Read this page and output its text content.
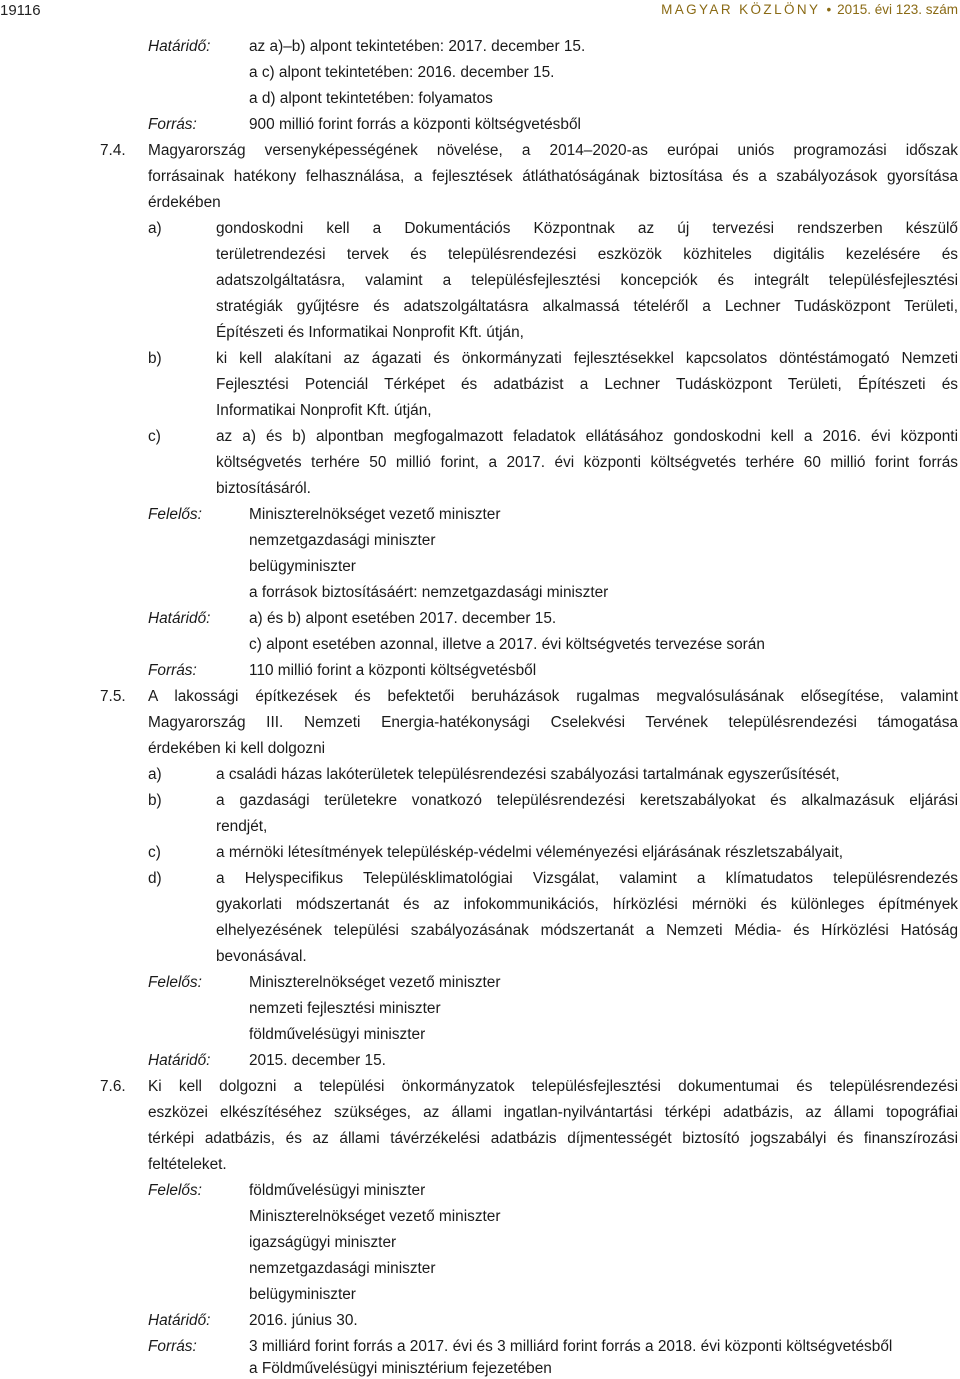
19116	MAGYAR KÖZLÖNY • 2015. évi 123. szám
Határidő:	az a)–b) alpont tekintetében: 2017. december 15.
a c) alpont tekintetében: 2016. december 15.
a d) alpont tekintetében: folyamatos
Forrás:	900 millió forint forrás a központi költségvetésből
7.4. Magyarország versenyképességének növelése, a 2014–2020-as európai uniós programozási időszak
forrásainak hatékony felhasználása, a fejlesztések átláthatóságának biztosítása és a szabályozások gyorsítása
érdekében
a)	gondoskodni kell a Dokumentációs Központnak az új tervezési rendszerben készülő
területrendezési tervek és településrendezési eszközök közhiteles digitális kezelésére és
adatszolgáltatásra, valamint a településfejlesztési koncepciók és integrált településfejlesztési
stratégiák gyűjtésre és adatszolgáltatásra alkalmassá tételéről a Lechner Tudásközpont Területi,
Építészeti és Informatikai Nonprofit Kft. útján,
b)	ki kell alakítani az ágazati és önkormányzati fejlesztésekkel kapcsolatos döntéstámogató Nemzeti
Fejlesztési Potenciál Térképet és adatbázist a Lechner Tudásközpont Területi, Építészeti és
Informatikai Nonprofit Kft. útján,
c)	az a) és b) alpontban megfogalmazott feladatok ellátásához gondoskodni kell a 2016. évi központi
költségvetés terhére 50 millió forint, a 2017. évi központi költségvetés terhére 60 millió forint forrás
biztosításáról.
Felelős:	Miniszterelnökséget vezető miniszter
nemzetgazdasági miniszter
belügyminiszter
a források biztosításáért: nemzetgazdasági miniszter
Határidő:	a) és b) alpont esetében 2017. december 15.
c) alpont esetében azonnal, illetve a 2017. évi költségvetés tervezése során
Forrás:	110 millió forint a központi költségvetésből
7.5. A lakossági építkezések és befektetői beruházások rugalmas megvalósulásának elősegítése, valamint
Magyarország III. Nemzeti Energia-hatékonysági Cselekvési Tervének településrendezési támogatása
érdekében ki kell dolgozni
a)	a családi házas lakóterületek településrendezési szabályozási tartalmának egyszerűsítését,
b)	a gazdasági területekre vonatkozó településrendezési keretszabályokat és alkalmazásuk eljárási
rendjét,
c)	a mérnöki létesítmények településkép-védelmi véleményezési eljárásának részletszabályait,
d)	a Helyspecifikus Településklimatológiai Vizsgálat, valamint a klímatudatos településrendezés
gyakorlati módszertanát és az infokommunikációs, hírközlési mérnöki és különleges építmények
elhelyezésének települési szabályozásának módszertanát a Nemzeti Média- és Hírközlési Hatóság
bevonásával.
Felelős:	Miniszterelnökséget vezető miniszter
nemzeti fejlesztési miniszter
földművelésügyi miniszter
Határidő:	2015. december 15.
7.6. Ki kell dolgozni a települési önkormányzatok településfejlesztési dokumentumai és településrendezési
eszközei elkészítéséhez szükséges, az állami ingatlan-nyilvántartási térképi adatbázis, az állami topográfiai
térképi adatbázis, és az állami távérzékelési adatbázis díjmentességét biztosító jogszabályi és finanszírozási
feltételeket.
Felelős:	földművelésügyi miniszter
Miniszterelnökséget vezető miniszter
igazságügyi miniszter
nemzetgazdasági miniszter
belügyminiszter
Határidő:	2016. június 30.
Forrás:	3 milliárd forint forrás a 2017. évi és 3 milliárd forint forrás a 2018. évi központi költségvetésből
a Földművelésügyi minisztérium fejezetében
